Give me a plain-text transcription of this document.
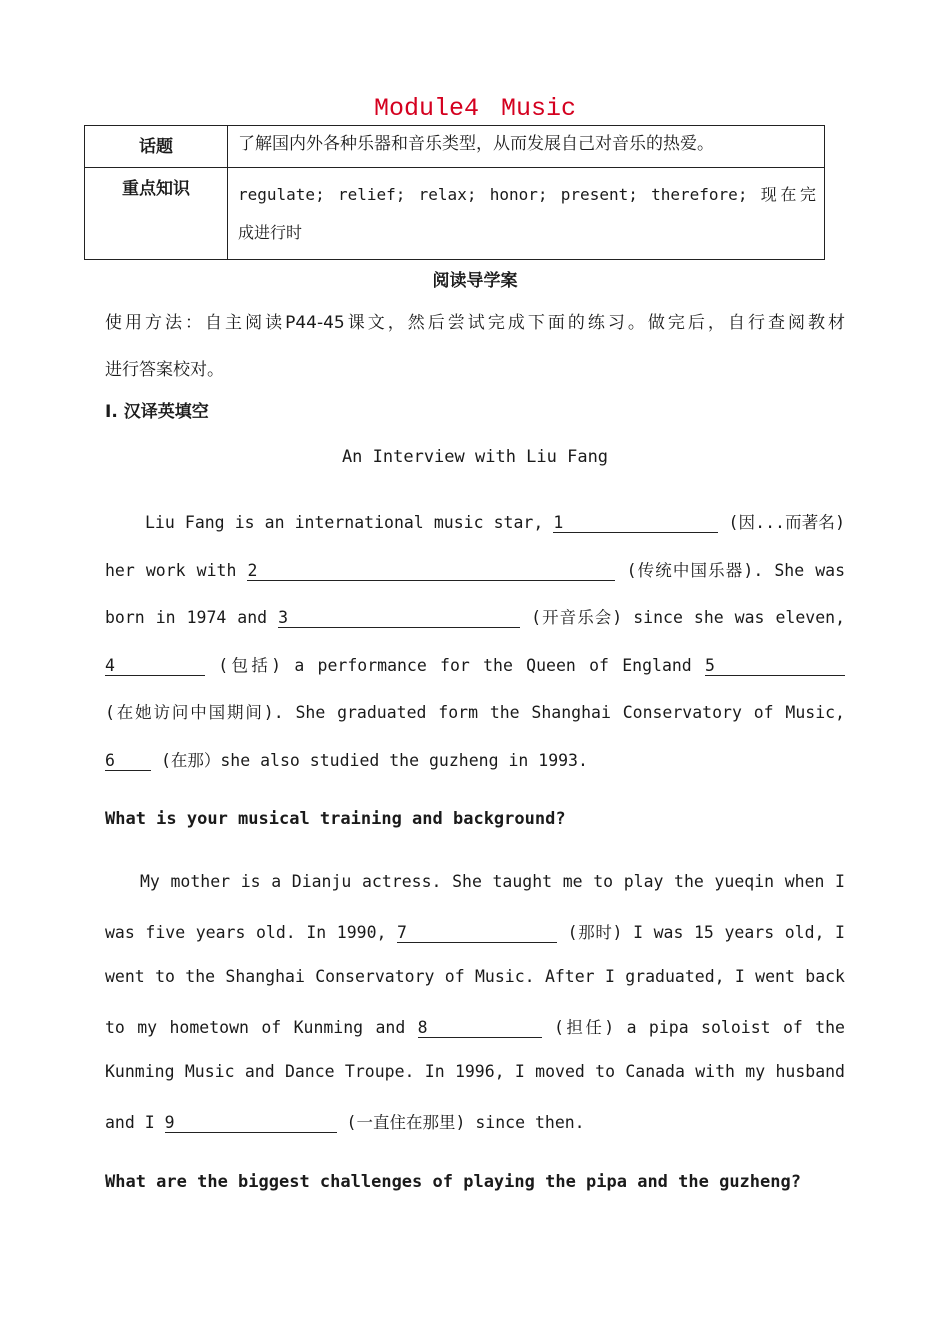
Module4 Music
话题	了解国内外各种乐器和音乐类型，从而发展自己对音乐的热爱。
重点知识	regulate; relief; relax; honor; present; therefore; 现在完
成进行时
阅读导学案
使用方法：自主阅读P44-45课文，然后尝试完成下面的练习。做完后，自行查阅教材
进行答案校对。
I. 汉译英填空
An Interview with Liu Fang
Liu Fang is an international music star, 1	(因...而著名)
her work with 2	(传统中国乐器). She was
born in 1974 and 3	(开音乐会) since she was eleven,
4	(包括) a performance for the Queen of England 5
(在她访问中国期间). She graduated form the Shanghai Conservatory of Music,
6	(在那）she also studied the guzheng in 1993.
What is your musical training and background?
My mother is a Dianju actress. She taught me to play the yueqin when I
was five years old. In 1990, 7	(那时) I was 15 years old, I
went to the Shanghai Conservatory of Music. After I graduated, I went back
to my hometown of Kunming and 8	(担任) a pipa soloist of the
Kunming Music and Dance Troupe. In 1996, I moved to Canada with my husband
and I 9	(一直住在那里) since then.
What are the biggest challenges of playing the pipa and the guzheng?
